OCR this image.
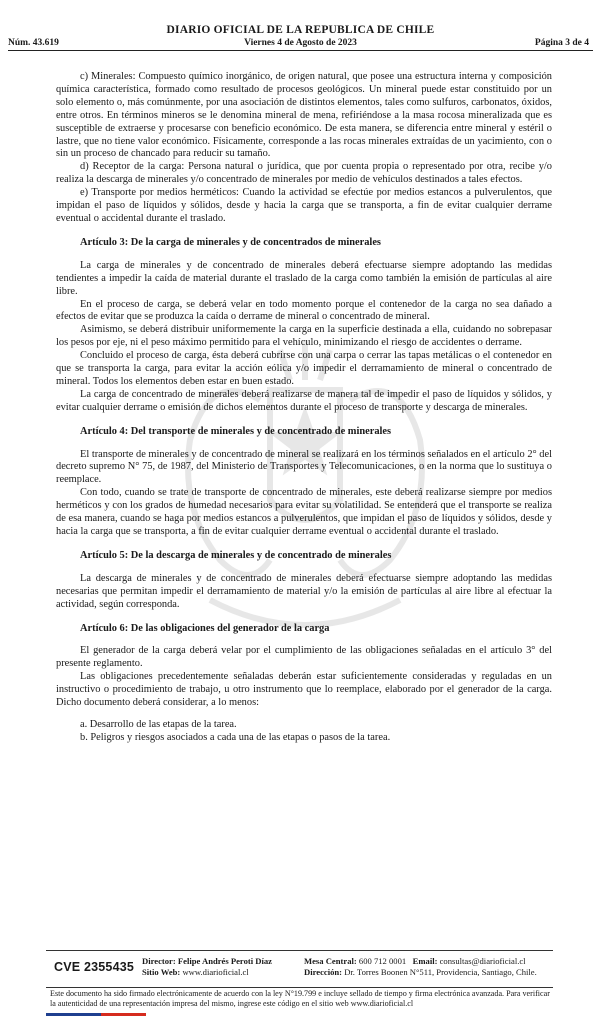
DIARIO OFICIAL DE LA REPUBLICA DE CHILE
Núm. 43.619	Viernes 4 de Agosto de 2023	Página 3 de 4

c) Minerales: Compuesto químico inorgánico, de origen natural, que posee una estructura interna y composición química característica, formado como resultado de procesos geológicos. Un mineral puede estar constituido por un solo elemento o, más comúnmente, por una asociación de distintos elementos, tales como sulfuros, carbonatos, óxidos, entre otros. En términos mineros se le denomina mineral de mena, refiriéndose a la masa rocosa mineralizada que es susceptible de extraerse y procesarse con beneficio económico. De esta manera, se diferencia entre mineral y estéril o lastre, que no tiene valor económico. Físicamente, corresponde a las rocas minerales extraídas de un yacimiento, con o sin un proceso de chancado para reducir su tamaño.

d) Receptor de la carga: Persona natural o jurídica, que por cuenta propia o representado por otra, recibe y/o realiza la descarga de minerales y/o concentrado de minerales por medio de vehículos destinados a tales efectos.

e) Transporte por medios herméticos: Cuando la actividad se efectúe por medios estancos a pulverulentos, que impidan el paso de líquidos y sólidos, desde y hacia la carga que se transporta, a fin de evitar cualquier derrame eventual o accidental durante el traslado.

Artículo 3: De la carga de minerales y de concentrados de minerales

La carga de minerales y de concentrado de minerales deberá efectuarse siempre adoptando las medidas tendientes a impedir la caída de material durante el traslado de la carga como también la emisión de partículas al aire libre.

En el proceso de carga, se deberá velar en todo momento porque el contenedor de la carga no sea dañado a efectos de evitar que se produzca la caída o derrame de mineral o concentrado de mineral.

Asimismo, se deberá distribuir uniformemente la carga en la superficie destinada a ella, cuidando no sobrepasar los pesos por eje, ni el peso máximo permitido para el vehículo, minimizando el riesgo de accidentes o derrame.

Concluido el proceso de carga, ésta deberá cubrirse con una carpa o cerrar las tapas metálicas o el contenedor en que se transporta la carga, para evitar la acción eólica y/o impedir el derramamiento de mineral o concentrado de mineral. Todos los elementos deben estar en buen estado.

La carga de concentrado de minerales deberá realizarse de manera tal de impedir el paso de líquidos y sólidos, y evitar cualquier derrame o emisión de dichos elementos durante el proceso de transporte y descarga de minerales.

Artículo 4: Del transporte de minerales y de concentrado de minerales

El transporte de minerales y de concentrado de mineral se realizará en los términos señalados en el artículo 2° del decreto supremo N° 75, de 1987, del Ministerio de Transportes y Telecomunicaciones, o en la norma que lo sustituya o reemplace.

Con todo, cuando se trate de transporte de concentrado de minerales, este deberá realizarse siempre por medios herméticos y con los grados de humedad necesarios para evitar su volatilidad. Se entenderá que el transporte se realiza de esa manera, cuando se haga por medios estancos a pulverulentos, que impidan el paso de líquidos y sólidos, desde y hacia la carga que se transporta, a fin de evitar cualquier derrame eventual o accidental durante el traslado.

Artículo 5: De la descarga de minerales y de concentrado de minerales

La descarga de minerales y de concentrado de minerales deberá efectuarse siempre adoptando las medidas necesarias que permitan impedir el derramamiento de material y/o la emisión de partículas al aire libre al efectuar la actividad, según corresponda.

Artículo 6: De las obligaciones del generador de la carga

El generador de la carga deberá velar por el cumplimiento de las obligaciones señaladas en el artículo 3° del presente reglamento.

Las obligaciones precedentemente señaladas deberán estar suficientemente consideradas y reguladas en un instructivo o procedimiento de trabajo, u otro instrumento que lo reemplace, elaborado por el generador de la carga. Dicho documento deberá considerar, a lo menos:

a. Desarrollo de las etapas de la tarea.
b. Peligros y riesgos asociados a cada una de las etapas o pasos de la tarea.
CVE 2355435 Director: Felipe Andrés Peroti Díaz
Sitio Web: www.diarioficial.cl
Mesa Central: 600 712 0001 Email: consultas@diarioficial.cl
Dirección: Dr. Torres Boonen N°511, Providencia, Santiago, Chile.
Este documento ha sido firmado electrónicamente de acuerdo con la ley N°19.799 e incluye sellado de tiempo y firma electrónica avanzada. Para verificar la autenticidad de una representación impresa del mismo, ingrese este código en el sitio web www.diarioficial.cl
